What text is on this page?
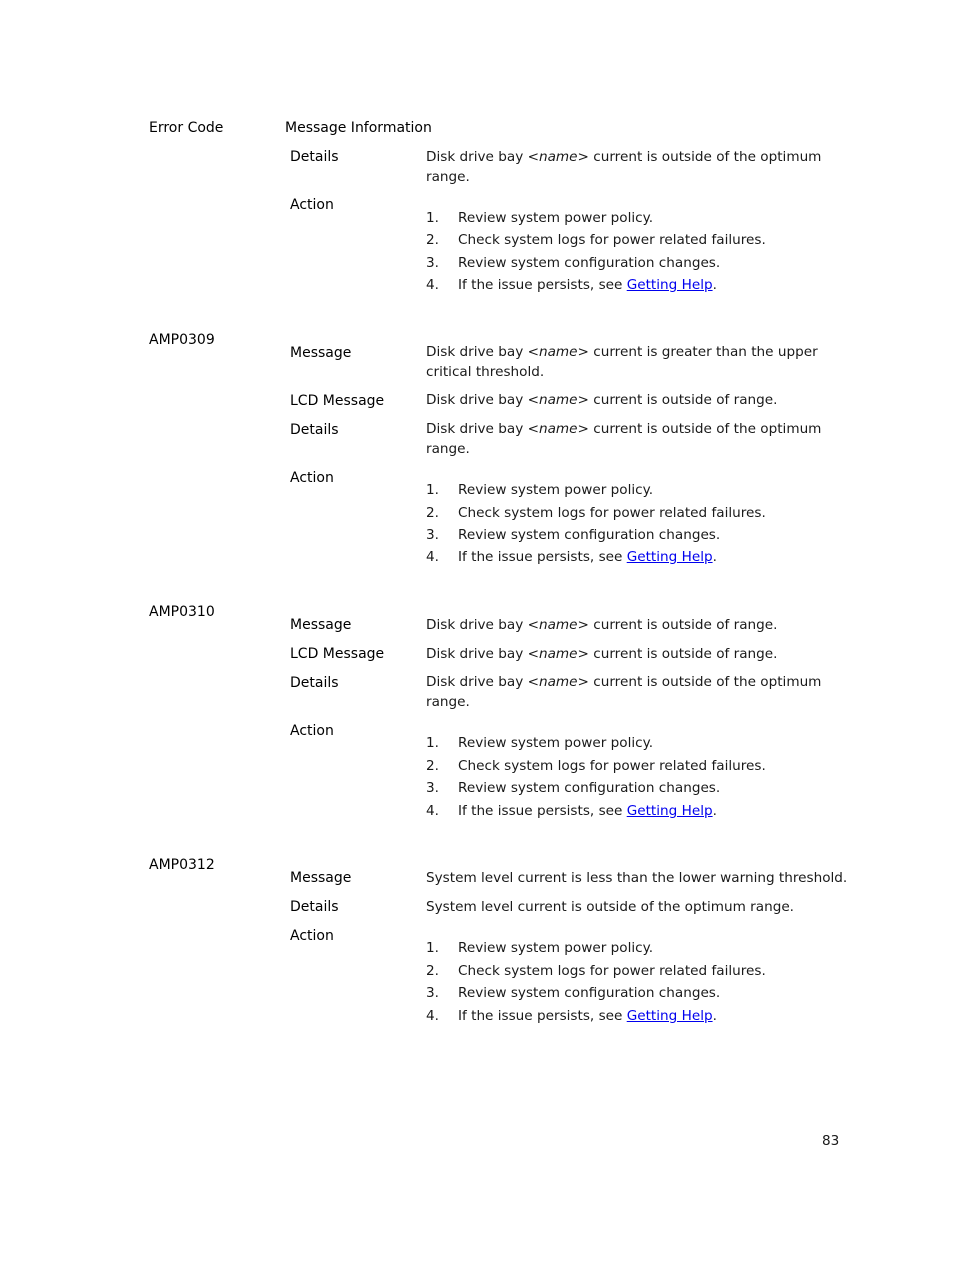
Error Code	Message Information
Details	Disk drive bay <name> current is outside of the optimum
range.
Action
1. Review system power policy.
2. Check system logs for power related failures.
3. Review system configuration changes.
4. If the issue persists, see Getting Help.
AMP0309
Message	Disk drive bay <name> current is greater than the upper
critical threshold.
LCD Message	Disk drive bay <name> current is outside of range.
Details	Disk drive bay <name> current is outside of the optimum
range.
Action
1. Review system power policy.
2. Check system logs for power related failures.
3. Review system configuration changes.
4. If the issue persists, see Getting Help.
AMP0310
Message	Disk drive bay <name> current is outside of range.
LCD Message	Disk drive bay <name> current is outside of range.
Details	Disk drive bay <name> current is outside of the optimum
range.
Action
1. Review system power policy.
2. Check system logs for power related failures.
3. Review system configuration changes.
4. If the issue persists, see Getting Help.
AMP0312
Message	System level current is less than the lower warning threshold.
Details	System level current is outside of the optimum range.
Action
1. Review system power policy.
2. Check system logs for power related failures.
3. Review system configuration changes.
4. If the issue persists, see Getting Help.
83
